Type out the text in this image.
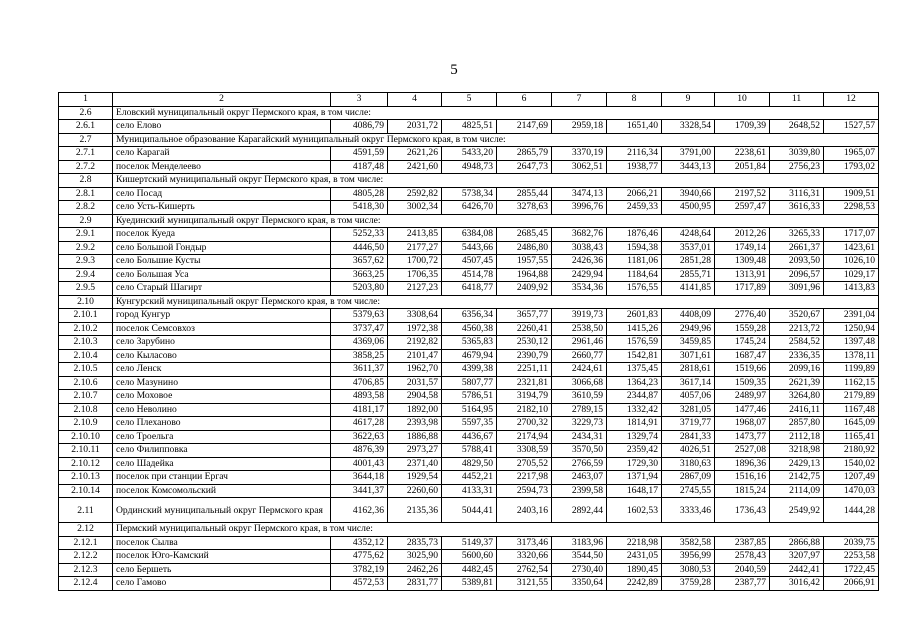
5
1	2	3	4	5	6	7	8	9	10	11	12
2.6	Еловский муниципальный округ Пермского края, в том числе:										
2.6.1	село Елово	4086,79	2031,72	4825,51	2147,69	2959,18	1651,40	3328,54	1709,39	2648,52	1527,57
2.7	Муниципальное образование Карагайский муниципальный округ Пермского края, в том числе:										
2.7.1	село Карагай	4591,59	2621,26	5433,20	2865,79	3370,19	2116,34	3791,00	2238,61	3039,80	1965,07
2.7.2	поселок Менделеево	4187,48	2421,60	4948,73	2647,73	3062,51	1938,77	3443,13	2051,84	2756,23	1793,02
2.8	Кишертский муниципальный округ Пермского края, в том числе:										
2.8.1	село Посад	4805,28	2592,82	5738,34	2855,44	3474,13	2066,21	3940,66	2197,52	3116,31	1909,51
2.8.2	село Усть-Кишерть	5418,30	3002,34	6426,70	3278,63	3996,76	2459,33	4500,95	2597,47	3616,33	2298,53
2.9	Куединский муниципальный округ Пермского края, в том числе:										
2.9.1	поселок Куеда	5252,33	2413,85	6384,08	2685,45	3682,76	1876,46	4248,64	2012,26	3265,33	1717,07
2.9.2	село Большой Гондыр	4446,50	2177,27	5443,66	2486,80	3038,43	1594,38	3537,01	1749,14	2661,37	1423,61
2.9.3	село Большие Кусты	3657,62	1700,72	4507,45	1957,55	2426,36	1181,06	2851,28	1309,48	2093,50	1026,10
2.9.4	село Большая Уса	3663,25	1706,35	4514,78	1964,88	2429,94	1184,64	2855,71	1313,91	2096,57	1029,17
2.9.5	село Старый Шагирт	5203,80	2127,23	6418,77	2409,92	3534,36	1576,55	4141,85	1717,89	3091,96	1413,83
2.10	Кунгурский муниципальный округ Пермского края, в том числе:										
2.10.1	город Кунгур	5379,63	3308,64	6356,34	3657,77	3919,73	2601,83	4408,09	2776,40	3520,67	2391,04
2.10.2	поселок Семсовхоз	3737,47	1972,38	4560,38	2260,41	2538,50	1415,26	2949,96	1559,28	2213,72	1250,94
2.10.3	село Зарубино	4369,06	2192,82	5365,83	2530,12	2961,46	1576,59	3459,85	1745,24	2584,52	1397,48
2.10.4	село Кыласово	3858,25	2101,47	4679,94	2390,79	2660,77	1542,81	3071,61	1687,47	2336,35	1378,11
2.10.5	село Ленск	3611,37	1962,70	4399,38	2251,11	2424,61	1375,45	2818,61	1519,66	2099,16	1199,89
2.10.6	село Мазунино	4706,85	2031,57	5807,77	2321,81	3066,68	1364,23	3617,14	1509,35	2621,39	1162,15
2.10.7	село Моховое	4893,58	2904,58	5786,51	3194,79	3610,59	2344,87	4057,06	2489,97	3264,80	2179,89
2.10.8	село Неволино	4181,17	1892,00	5164,95	2182,10	2789,15	1332,42	3281,05	1477,46	2416,11	1167,48
2.10.9	село Плеханово	4617,28	2393,98	5597,35	2700,32	3229,73	1814,91	3719,77	1968,07	2857,80	1645,09
2.10.10	село Троельга	3622,63	1886,88	4436,67	2174,94	2434,31	1329,74	2841,33	1473,77	2112,18	1165,41
2.10.11	село Филипповка	4876,39	2973,27	5788,41	3308,59	3570,50	2359,42	4026,51	2527,08	3218,98	2180,92
2.10.12	село Шадейка	4001,43	2371,40	4829,50	2705,52	2766,59	1729,30	3180,63	1896,36	2429,13	1540,02
2.10.13	поселок при станции Ергач	3644,18	1929,54	4452,21	2217,98	2463,07	1371,94	2867,09	1516,16	2142,75	1207,49
2.10.14	поселок Комсомольский	3441,37	2260,60	4133,31	2594,73	2399,58	1648,17	2745,55	1815,24	2114,09	1470,03
2.11	Ординский муниципальный округ Пермского края	4162,36	2135,36	5044,41	2403,16	2892,44	1602,53	3333,46	1736,43	2549,92	1444,28
2.12	Пермский муниципальный округ Пермского края, в том числе:										
2.12.1	поселок Сылва	4352,12	2835,73	5149,37	3173,46	3183,96	2218,98	3582,58	2387,85	2866,88	2039,75
2.12.2	поселок Юго-Камский	4775,62	3025,90	5600,60	3320,66	3544,50	2431,05	3956,99	2578,43	3207,97	2253,58
2.12.3	село Бершеть	3782,19	2462,26	4482,45	2762,54	2730,40	1890,45	3080,53	2040,59	2442,41	1722,45
2.12.4	село Гамово	4572,53	2831,77	5389,81	3121,55	3350,64	2242,89	3759,28	2387,77	3016,42	2066,91
